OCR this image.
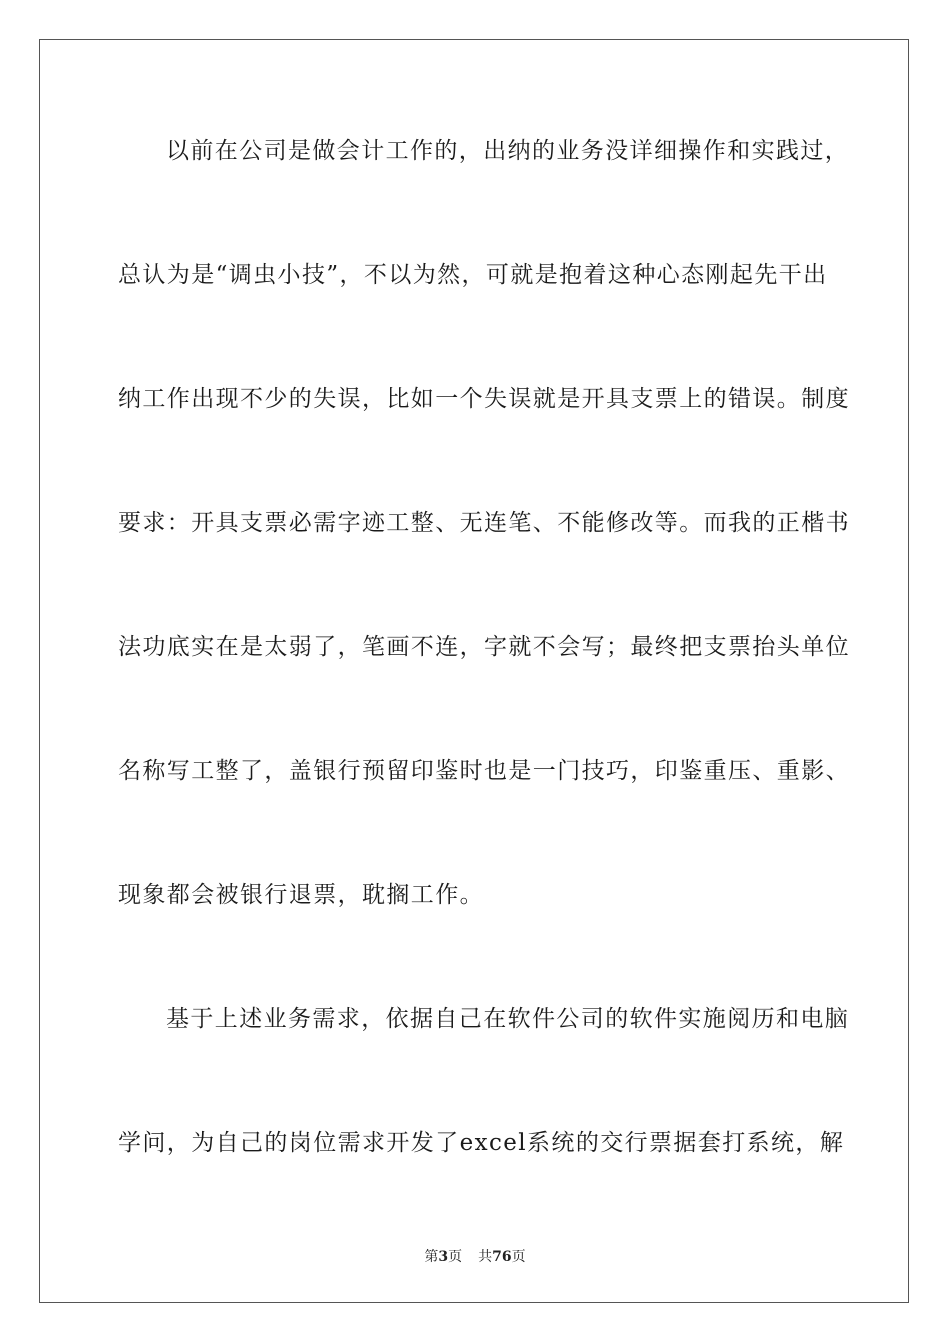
以前在公司是做会计工作的，出纳的业务没详细操作和实践过，
总认为是“调虫小技”，不以为然，可就是抱着这种心态刚起先干出
纳工作出现不少的失误，比如一个失误就是开具支票上的错误。制度
要求：开具支票必需字迹工整、无连笔、不能修改等。而我的正楷书
法功底实在是太弱了，笔画不连，字就不会写；最终把支票抬头单位
名称写工整了，盖银行预留印鉴时也是一门技巧，印鉴重压、重影、
现象都会被银行退票，耽搁工作。
基于上述业务需求，依据自己在软件公司的软件实施阅历和电脑
学问，为自己的岗位需求开发了excel系统的交行票据套打系统，解
第3页 共76页
